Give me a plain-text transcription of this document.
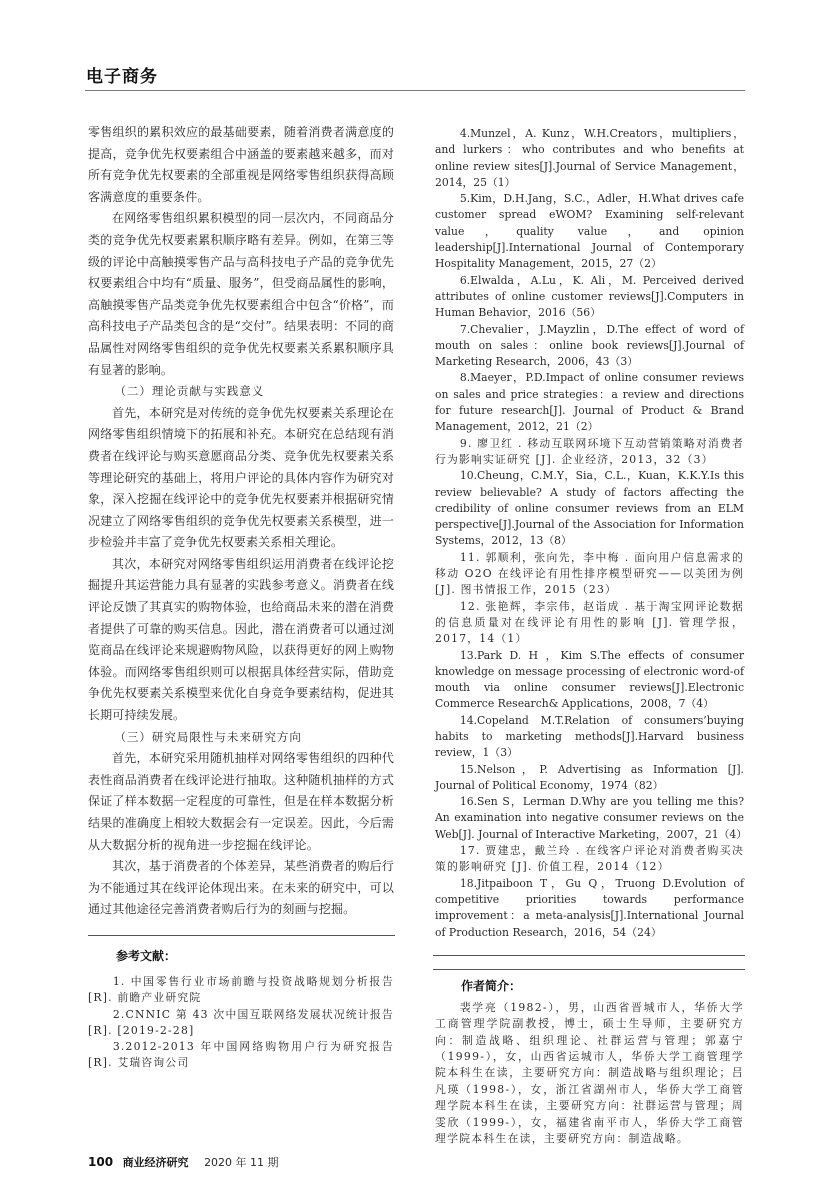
电子商务

零售组织的累积效应的最基础要素，随着消费者满意度的提高，竞争优先权要素组合中涵盖的要素越来越多，而对所有竞争优先权要素的全部重视是网络零售组织获得高顾客满意度的重要条件。

在网络零售组织累积模型的同一层次内，不同商品分类的竞争优先权要素累积顺序略有差异。例如，在第三等级的评论中高触摸零售产品与高科技电子产品的竞争优先权要素组合中均有“质量、服务”，但受商品属性的影响，高触摸零售产品类竞争优先权要素组合中包含“价格”，而高科技电子产品类包含的是“交付”。结果表明：不同的商品属性对网络零售组织的竞争优先权要素关系累积顺序具有显著的影响。

（二）理论贡献与实践意义

首先，本研究是对传统的竞争优先权要素关系理论在网络零售组织情境下的拓展和补充。本研究在总结现有消费者在线评论与购买意愿商品分类、竞争优先权要素关系等理论研究的基础上，将用户评论的具体内容作为研究对象，深入挖掘在线评论中的竞争优先权要素并根据研究情况建立了网络零售组织的竞争优先权要素关系模型，进一步检验并丰富了竞争优先权要素关系相关理论。

其次，本研究对网络零售组织运用消费者在线评论挖掘提升其运营能力具有显著的实践参考意义。消费者在线评论反馈了其真实的购物体验，也给商品未来的潜在消费者提供了可靠的购买信息。因此，潜在消费者可以通过浏览商品在线评论来规避购物风险，以获得更好的网上购物体验。而网络零售组织则可以根据具体经营实际，借助竞争优先权要素关系模型来优化自身竞争要素结构，促进其长期可持续发展。

（三）研究局限性与未来研究方向

首先，本研究采用随机抽样对网络零售组织的四种代表性商品消费者在线评论进行抽取。这种随机抽样的方式保证了样本数据一定程度的可靠性，但是在样本数据分析结果的准确度上相较大数据会有一定误差。因此，今后需从大数据分析的视角进一步挖掘在线评论。

其次，基于消费者的个体差异，某些消费者的购后行为不能通过其在线评论体现出来。在未来的研究中，可以通过其他途径完善消费者购后行为的刻画与挖掘。

参考文献：

1. 中国零售行业市场前瞻与投资战略规划分析报告 [R]. 前瞻产业研究院

2.CNNIC 第 43 次中国互联网络发展状况统计报告 [R]. [2019-2-28]

3.2012-2013 年中国网络购物用户行为研究报告 [R]. 艾瑞咨询公司

4.Munzel，A. Kunz，W.H.Creators，multipliers，and lurkers：who contributes and who benefits at online review sites[J].Journal of Service Management，2014，25（1）

5.Kim，D.H.Jang，S.C.，Adler，H.What drives cafe customer spread eWOM? Examining self-relevant value，quality value，and opinion leadership[J].International Journal of Contemporary Hospitality Management，2015，27（2）

6.Elwalda，A.Lu，K. Ali，M. Perceived derived attributes of online customer reviews[J].Computers in Human Behavior，2016（56）

7.Chevalier，J.Mayzlin，D.The effect of word of mouth on sales：online book reviews[J].Journal of Marketing Research，2006，43（3）

8.Maeyer，P.D.Impact of online consumer reviews on sales and price strategies：a review and directions for future research[J]. Journal of Product & Brand Management，2012，21（2）

9. 廖卫红 . 移动互联网环境下互动营销策略对消费者行为影响实证研究 [J]. 企业经济，2013，32（3）

10.Cheung，C.M.Y，Sia，C.L.，Kuan，K.K.Y.Is this review believable? A study of factors affecting the credibility of online consumer reviews from an ELM perspective[J].Journal of the Association for Information Systems，2012，13（8）

11. 郭顺利，张向先，李中梅 . 面向用户信息需求的移动 O2O 在线评论有用性排序模型研究——以美团为例 [J]. 图书情报工作，2015（23）

12. 张艳辉，李宗伟，赵诣成 . 基于淘宝网评论数据的信息质量对在线评论有用性的影响 [J]. 管理学报，2017，14（1）

13.Park D. H ，Kim S.The effects of consumer knowledge on message processing of electronic word-of mouth via online consumer reviews[J].Electronic Commerce Research& Applications，2008，7（4）

14.Copeland M.T.Relation of consumers’buying habits to marketing methods[J].Harvard business review，1（3）

15.Nelson，P. Advertising as Information [J]. Journal of Political Economy，1974（82）

16.Sen S，Lerman D.Why are you telling me this? An examination into negative consumer reviews on the Web[J]. Journal of Interactive Marketing，2007，21（4）

17. 贾建忠，戴兰玲 . 在线客户评论对消费者购买决策的影响研究 [J]. 价值工程，2014（12）

18.Jitpaiboon T，Gu Q，Truong D.Evolution of competitive priorities towards performance improvement：a meta-analysis[J].International Journal of Production Research，2016，54（24）

作者简介：

裴学亮（1982-），男，山西省晋城市人，华侨大学工商管理学院副教授，博士，硕士生导师，主要研究方向：制造战略、组织理论、社群运营与管理；郭嘉宁（1999-），女，山西省运城市人，华侨大学工商管理学院本科生在读，主要研究方向：制造战略与组织理论；吕凡瑛（1998-），女，浙江省湖州市人，华侨大学工商管理学院本科生在读，主要研究方向：社群运营与管理；周雯欣（1999-），女，福建省南平市人，华侨大学工商管理学院本科生在读，主要研究方向：制造战略。

100 商业经济研究 2020 年 11 期
